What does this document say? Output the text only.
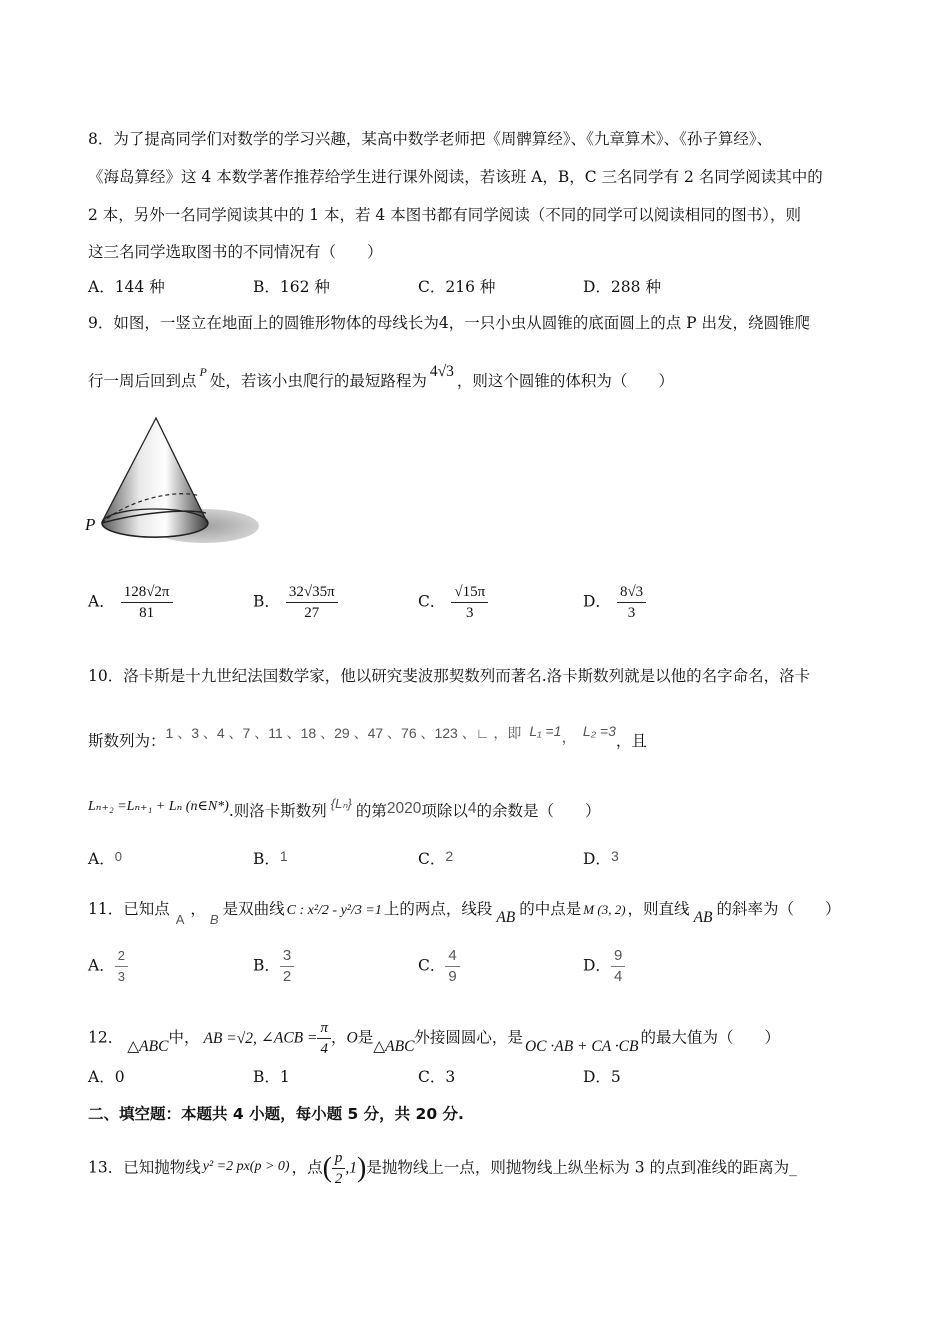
8．为了提高同学们对数学的学习兴趣，某高中数学老师把《周髀算经》、《九章算术》、《孙子算经》、
《海岛算经》这 4 本数学著作推荐给学生进行课外阅读，若该班 A，B，C 三名同学有 2 名同学阅读其中的
2 本，另外一名同学阅读其中的 1 本，若 4 本图书都有同学阅读（不同的同学可以阅读相同的图书），则
这三名同学选取图书的不同情况有（　　）
A．144 种	B．162 种	C．216 种	D．288 种
9．如图，一竖立在地面上的圆锥形物体的母线长为4，一只小虫从圆锥的底面圆上的点 P 出发，绕圆锥爬
行一周后回到点 $^P$ 处，若该小虫爬行的最短路程为4√3，则这个圆锥的体积为（　　）
P
A． $\frac{128√2\pi}{81}$	B． $\frac{32√35\pi}{27}$	C． $\frac{√15\pi}{3}$	D． $\frac{8√3}{3}$
10．洛卡斯是十九世纪法国数学家，他以研究斐波那契数列而著名.洛卡斯数列就是以他的名字命名，洛卡
斯数列为：1 、3 、4 、7 、11 、18 、29 、47 、76 、123 、∟ ，即 L₁ =1， L₂ =3，且
Lₙ₊₂ =Lₙ₊₁ + Lₙ (n∈N*).则洛卡斯数列 $^{\{L_n\}}$ 的第2020项除以4的余数是（　　）
A．0	B．1	C．2	D．3
11．已知点$_A$，$_B$是双曲线 C : x²/2 - y²/3 =1 上的两点，线段 AB 的中点是 M (3, 2) ，则直线 AB 的斜率为（　　）
A． $\frac{2}{3}$	B． $\frac{3}{2}$	C． $\frac{4}{9}$	D． $\frac{9}{4}$
12． △ABC中， AB =√2, ∠ACB = $\frac{\pi}{4}$ ，O是△ABC外接圆圆心，是 OC ·AB + CA ·CB 的最大值为（　　）
A．0	B．1	C．3	D．5
二、填空题：本题共 4 小题，每小题 5 分，共 20 分.
13．已知抛物线 y² =2 px(p > 0) ，点( $\frac{p}{2} ,1$)是抛物线上一点，则抛物线上纵坐标为 3 的点到准线的距离为_
